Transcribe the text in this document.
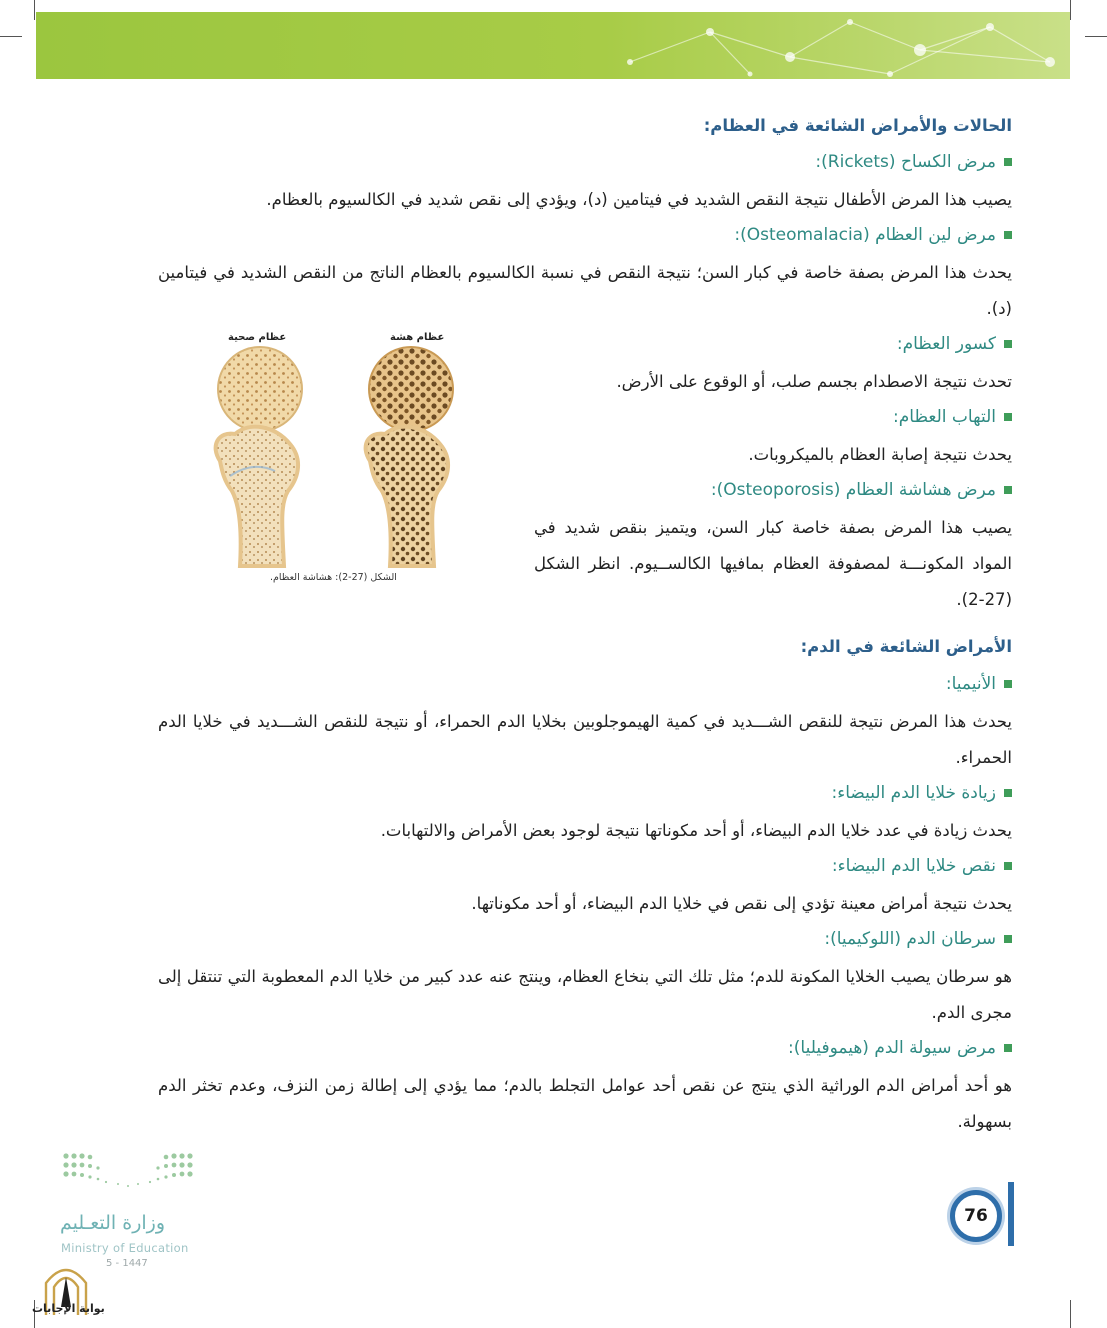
الحالات والأمراض الشائعة في العظام:
مرض الكساح (Rickets):
يصيب هذا المرض الأطفال نتيجة النقص الشديد في فيتامين (د)، ويؤدي إلى نقص شديد في الكالسيوم بالعظام.
مرض لين العظام (Osteomalacia):
يحدث هذا المرض بصفة خاصة في كبار السن؛ نتيجة النقص في نسبة الكالسيوم بالعظام الناتج من النقص الشديد في فيتامين (د).
كسور العظام:
تحدث نتيجة الاصطدام بجسم صلب، أو الوقوع على الأرض.
التهاب العظام:
يحدث نتيجة إصابة العظام بالميكروبات.
مرض هشاشة العظام (Osteoporosis):
يصيب هذا المرض بصفة خاصة كبار السن، ويتميز بنقص شديد في المواد المكونـــة لمصفوفة العظام بمافيها الكالســيوم. انظر الشكل (27-2).
الأمراض الشائعة في الدم:
الأنيميا:
يحدث هذا المرض نتيجة للنقص الشـــديد في كمية الهيموجلوبين بخلايا الدم الحمراء، أو نتيجة للنقص الشـــديد في خلايا الدم الحمراء.
زيادة خلايا الدم البيضاء:
يحدث زيادة في عدد خلايا الدم البيضاء، أو أحد مكوناتها نتيجة لوجود بعض الأمراض والالتهابات.
نقص خلايا الدم البيضاء:
يحدث نتيجة أمراض معينة تؤدي إلى نقص في خلايا الدم البيضاء، أو أحد مكوناتها.
سرطان الدم (اللوكيميا):
هو سرطان يصيب الخلايا المكونة للدم؛ مثل تلك التي بنخاع العظام، وينتج عنه عدد كبير من خلايا الدم المعطوبة التي تنتقل إلى مجرى الدم.
مرض سيولة الدم (هيموفيليا):
هو أحد أمراض الدم الوراثية الذي ينتج عن نقص أحد عوامل التجلط بالدم؛ مما يؤدي إلى إطالة زمن النزف، وعدم تخثر الدم بسهولة.
عظام صحية	عظام هشة
الشكل (27-2): هشاشة العظام.
وزارة التعـليم
Ministry of Education
5 - 1447
بوابة الإجابات
76
